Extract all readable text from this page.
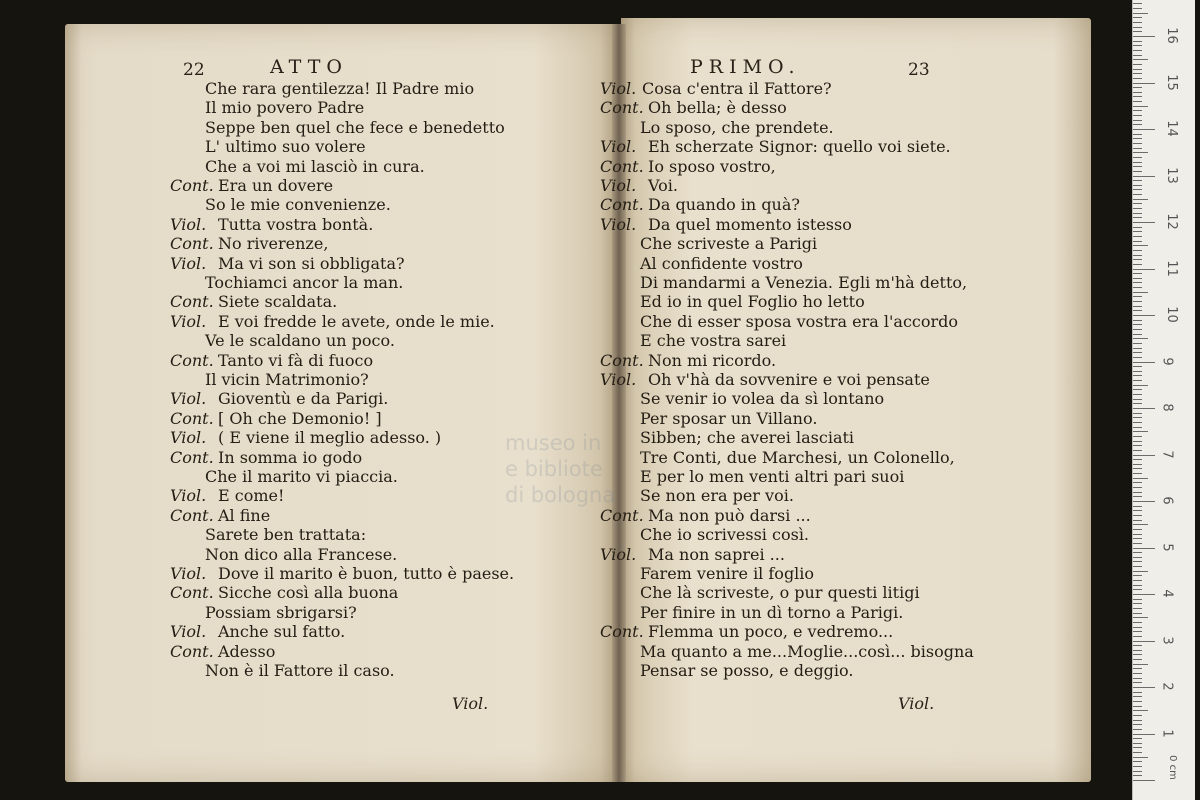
22	ATTO	PRIMO.	23
Che rara gentilezza! Il Padre mio
Il mio povero Padre
Seppe ben quel che fece e benedetto
L' ultimo suo volere
Che a voi mi lasciò in cura.
Cont. Era un dovere
So le mie convenienze.
Viol. Tutta vostra bontà.
Cont. No riverenze,
Viol. Ma vi son si obbligata?
Tochiamci ancor la man.
Cont. Siete scaldata.
Viol. E voi fredde le avete, onde le mie.
Ve le scaldano un poco.
Cont. Tanto vi fà di fuoco
Il vicin Matrimonio?
Viol. Gioventù e da Parigi.
Cont. [ Oh che Demonio! ]
Viol. ( E viene il meglio adesso. )
Cont. In somma io godo
Che il marito vi piaccia.
Viol. E come!
Cont. Al fine
Sarete ben trattata:
Non dico alla Francese.
Viol. Dove il marito è buon, tutto è paese.
Cont. Sicche così alla buona
Possiam sbrigarsi?
Viol. Anche sul fatto.
Cont. Adesso
Non è il Fattore il caso.
Viol. Cosa c'entra il Fattore?
Cont. Oh bella; è desso
Lo sposo, che prendete.
Viol. Eh scherzate Signor: quello voi siete.
Cont. Io sposo vostro,
Viol. Voi.
Cont. Da quando in quà?
Viol. Da quel momento istesso
Che scriveste a Parigi
Al confidente vostro
Di mandarmi a Venezia. Egli m'hà detto,
Ed io in quel Foglio ho letto
Che di esser sposa vostra era l'accordo
E che vostra sarei
Cont. Non mi ricordo.
Viol. Oh v'hà da sovvenire e voi pensate
Se venir io volea da sì lontano
Per sposar un Villano.
Sibben; che averei lasciati
Tre Conti, due Marchesi, un Colonello,
E per lo men venti altri pari suoi
Se non era per voi.
Cont. Ma non può darsi ...
Che io scrivessi così.
Viol. Ma non saprei ...
Farem venire il foglio
Che là scriveste, o pur questi litigi
Per finire in un dì torno a Parigi.
Cont. Flemma un poco, e vedremo...
Ma quanto a me...Moglie...così... bisogna
Pensar se posso, e deggio.
Viol.	Viol.
museo in
e bibliote
di bologna
0 cm
1
2
3
4
5
6
7
8
9
10
11
12
13
14
15
16
